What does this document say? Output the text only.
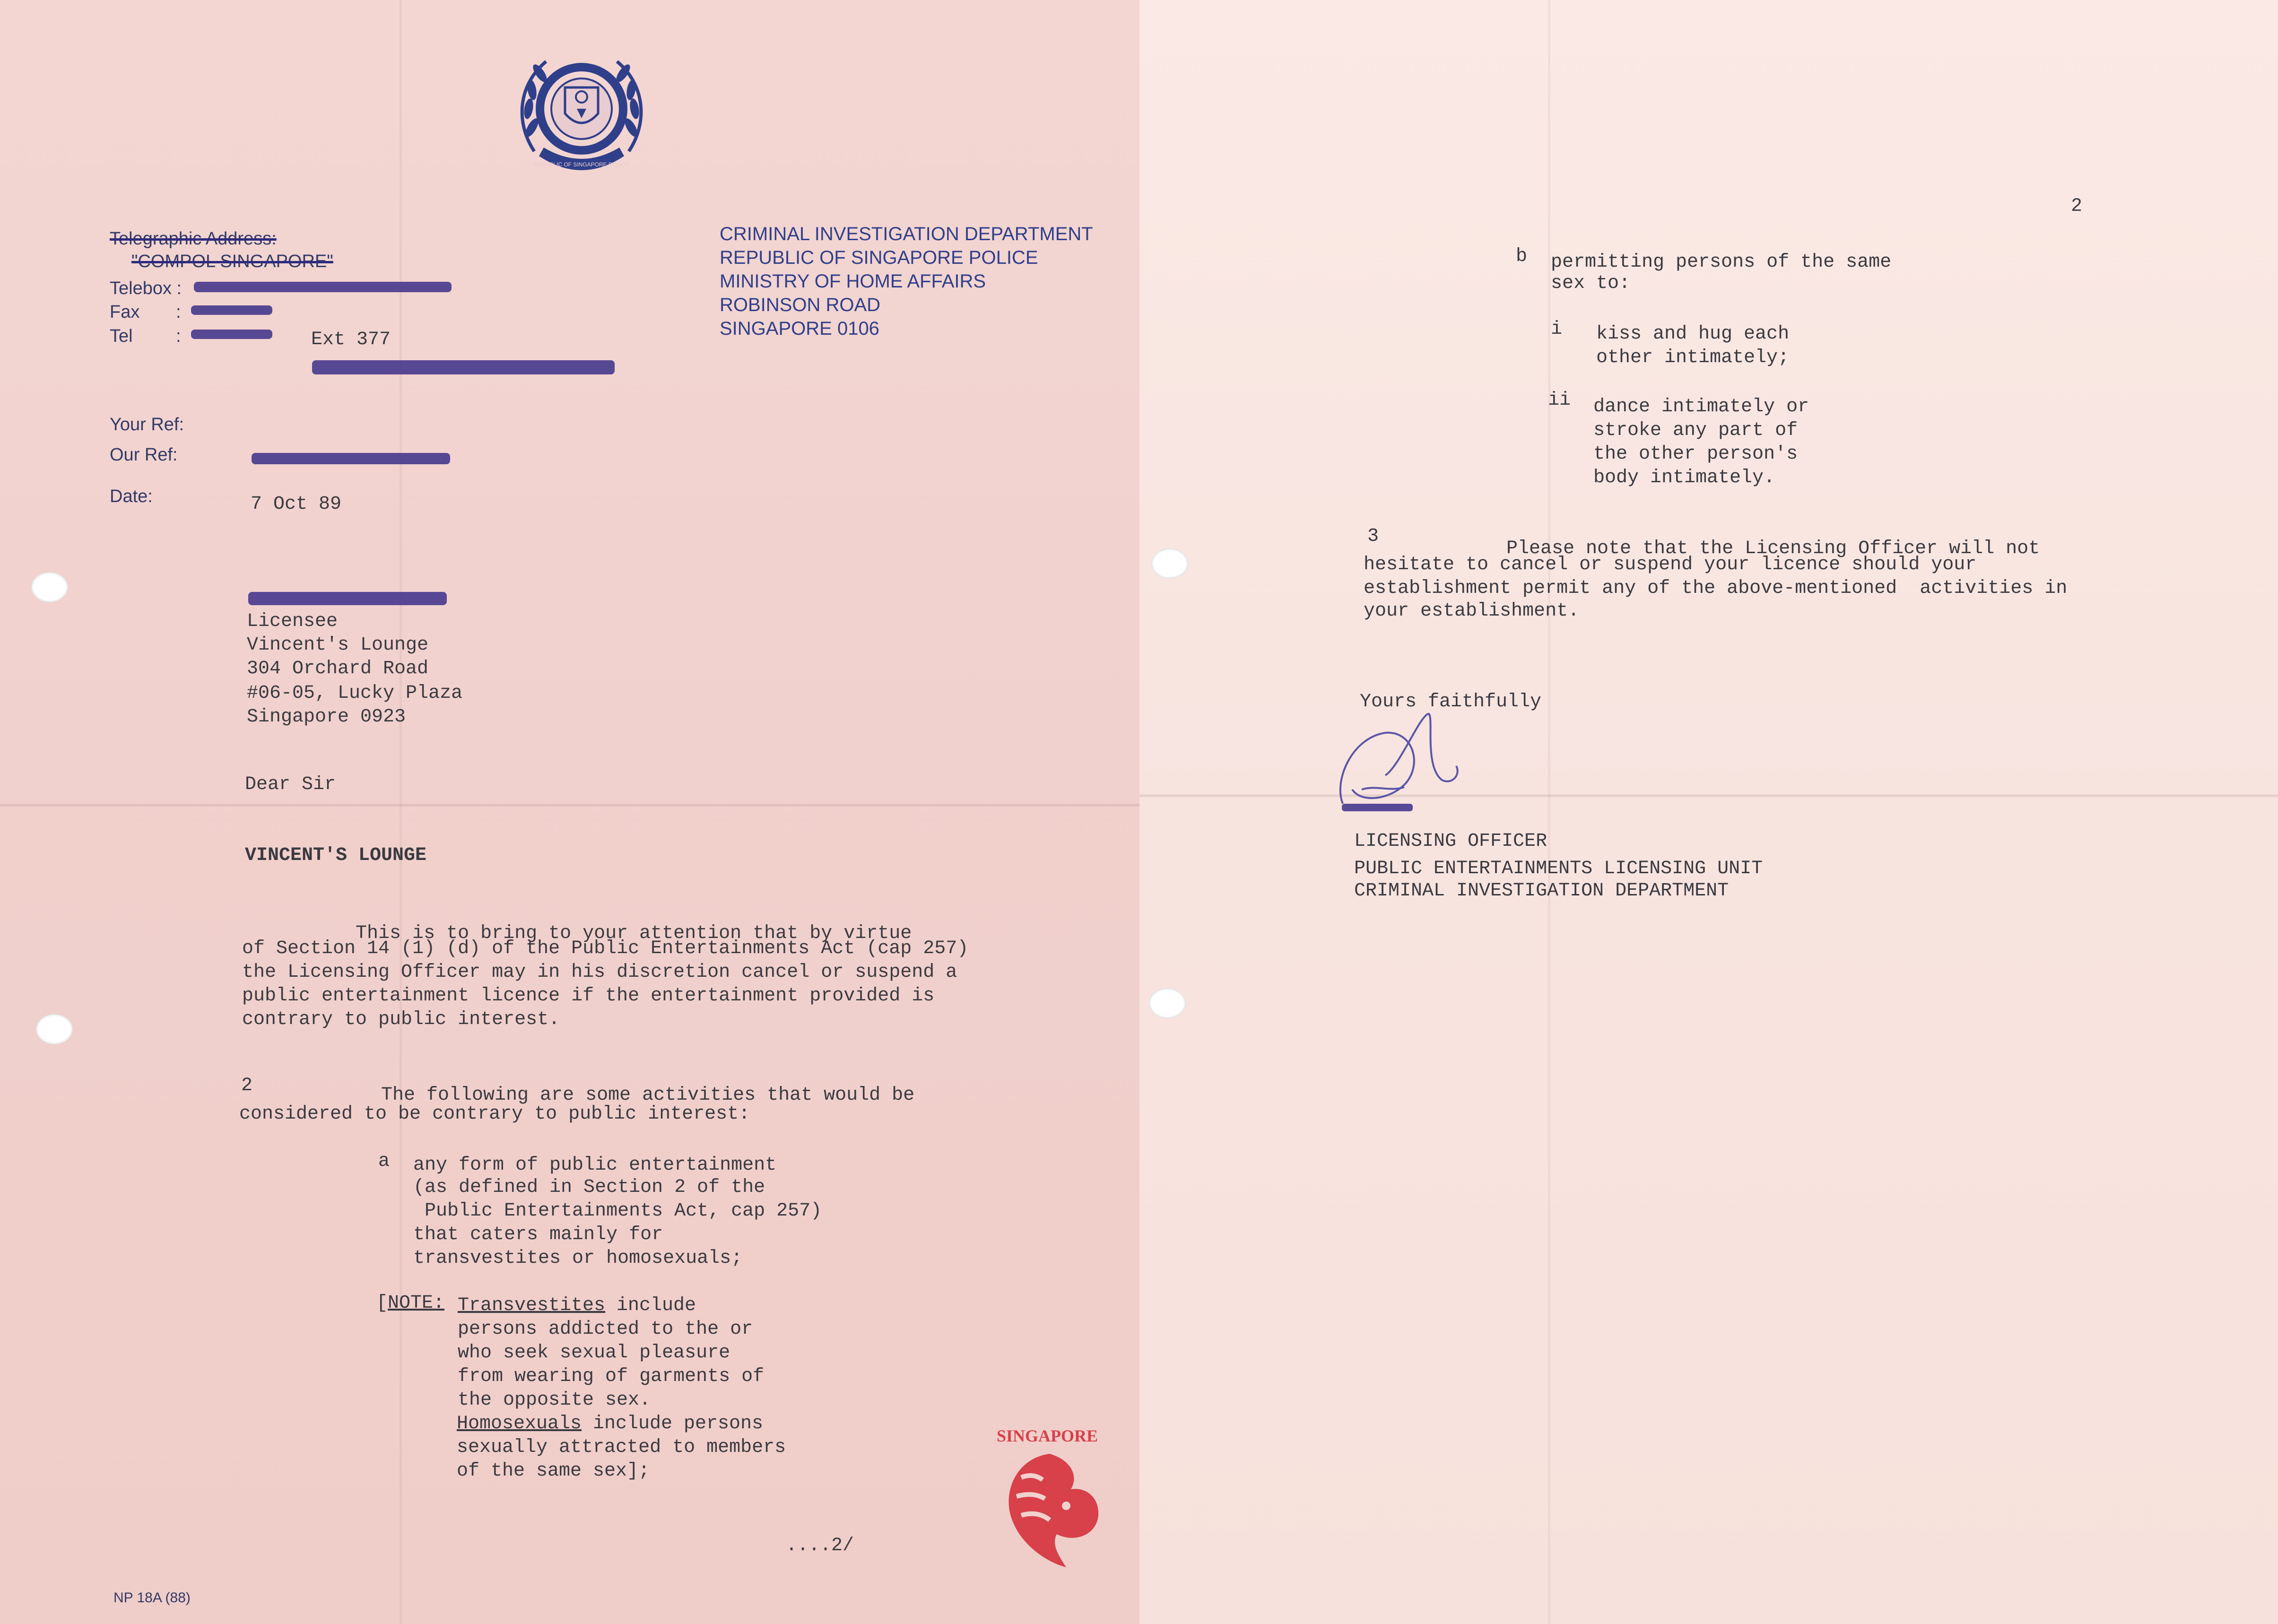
REPUBLIC OF SINGAPORE POLICE
Telegraphic Address:
"COMPOL SINGAPORE"
Telebox :
Fax :
Tel :	Ext 377
CRIMINAL INVESTIGATION DEPARTMENT
REPUBLIC OF SINGAPORE POLICE
MINISTRY OF HOME AFFAIRS
ROBINSON ROAD
SINGAPORE 0106
Your Ref:
Our Ref:
Date:	7 Oct 89
Licensee
Vincent's Lounge
304 Orchard Road
#06-05, Lucky Plaza
Singapore 0923
Dear Sir
VINCENT'S LOUNGE
This is to bring to your attention that by virtue
of Section 14 (1) (d) of the Public Entertainments Act (cap 257)
the Licensing Officer may in his discretion cancel or suspend a
public entertainment licence if the entertainment provided is
contrary to public interest.
2	The following are some activities that would be
considered to be contrary to public interest:
a any form of public entertainment
(as defined in Section 2 of the
Public Entertainments Act, cap 257)
that caters mainly for
transvestites or homosexuals;
[ NOTE: Transvestites include
persons addicted to the or
who seek sexual pleasure
from wearing of garments of
the opposite sex.
Homosexuals include persons
sexually attracted to members
of the same sex];
....2/
SINGAPORE
NP 18A (88)
2
b permitting persons of the same
sex to:
i kiss and hug each
other intimately;
ii dance intimately or
stroke any part of
the other person's
body intimately.
3
Please note that the Licensing Officer will not
hesitate to cancel or suspend your licence should your
establishment permit any of the above-mentioned  activities in
your establishment.
Yours faithfully
LICENSING OFFICER
PUBLIC ENTERTAINMENTS LICENSING UNIT
CRIMINAL INVESTIGATION DEPARTMENT
